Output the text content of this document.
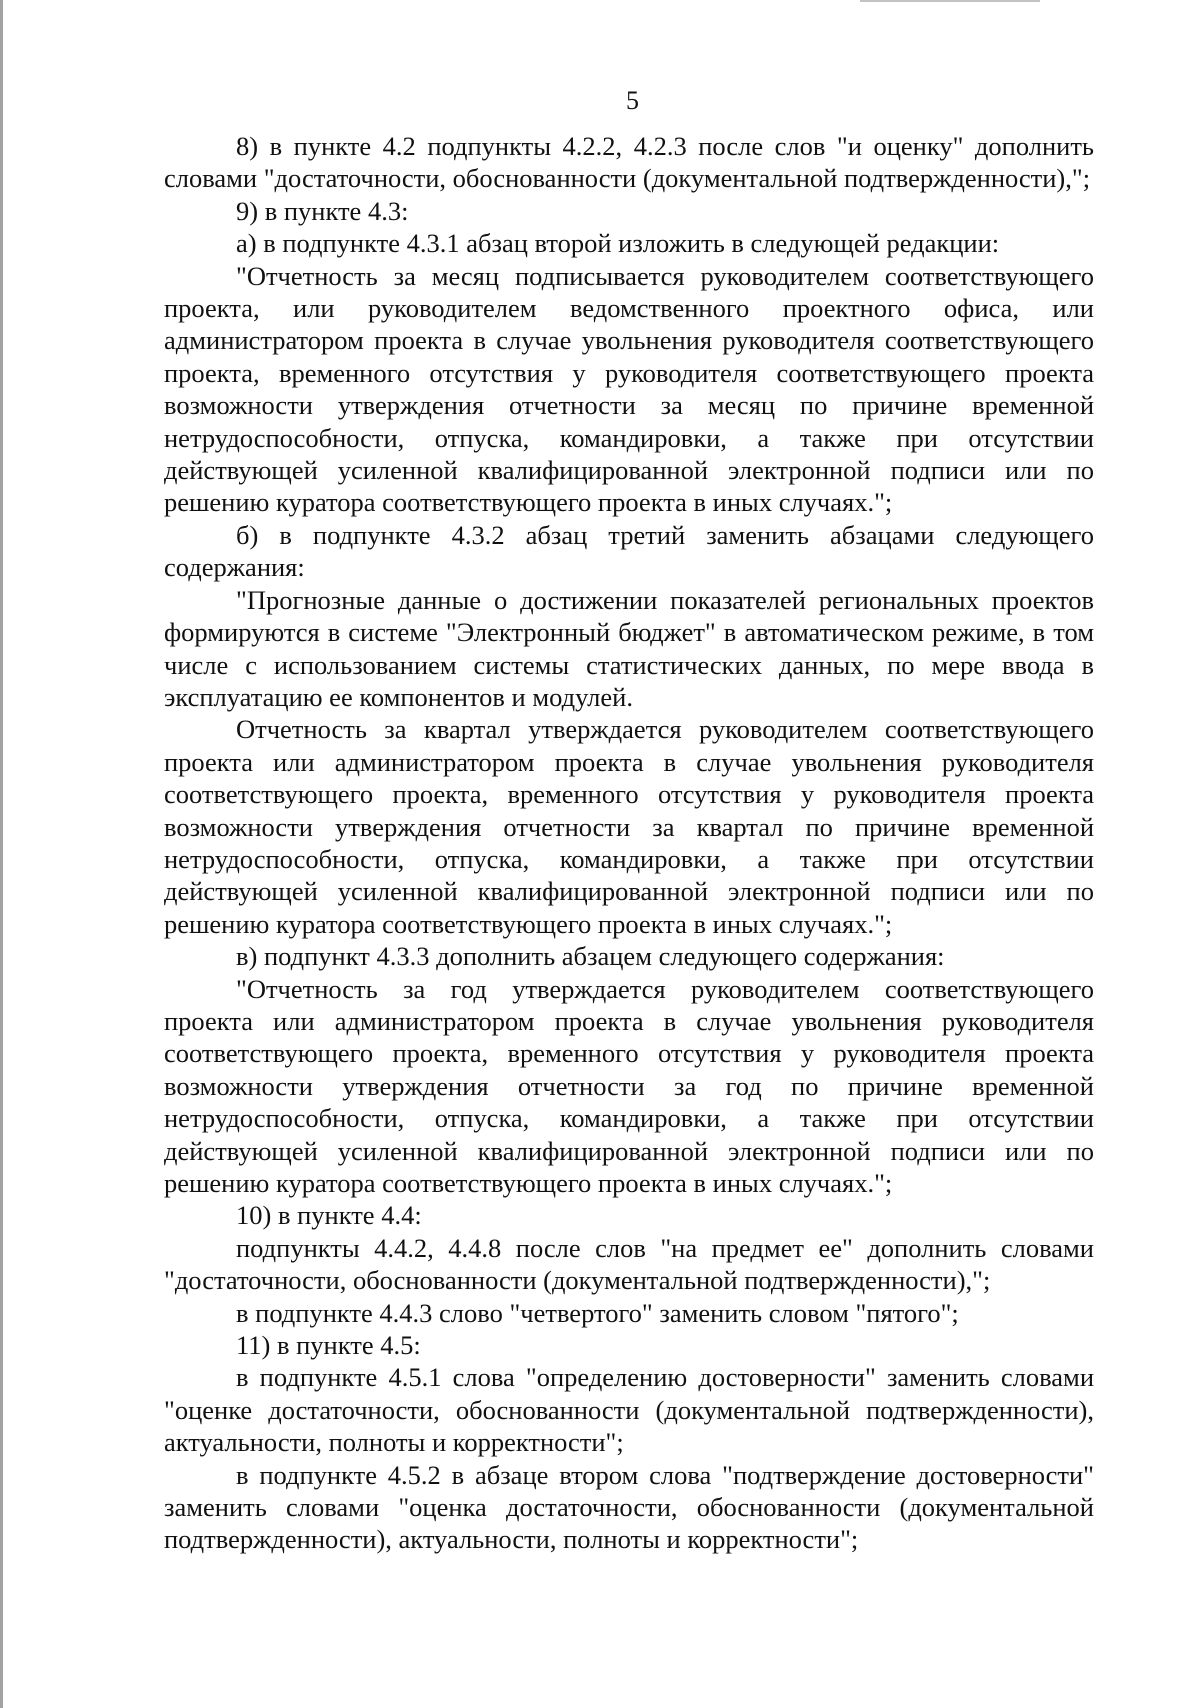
5

8) в пункте 4.2 подпункты 4.2.2, 4.2.3 после слов "и оценку" дополнить словами "достаточности, обоснованности (документальной подтвержденности),";

9) в пункте 4.3:

а) в подпункте 4.3.1 абзац второй изложить в следующей редакции:

"Отчетность за месяц подписывается руководителем соответствующего проекта, или руководителем ведомственного проектного офиса, или администратором проекта в случае увольнения руководителя соответствующего проекта, временного отсутствия у руководителя соответствующего проекта возможности утверждения отчетности за месяц по причине временной нетрудоспособности, отпуска, командировки, а также при отсутствии действующей усиленной квалифицированной электронной подписи или по решению куратора соответствующего проекта в иных случаях.";

б) в подпункте 4.3.2 абзац третий заменить абзацами следующего содержания:

"Прогнозные данные о достижении показателей региональных проектов формируются в системе "Электронный бюджет" в автоматическом режиме, в том числе с использованием системы статистических данных, по мере ввода в эксплуатацию ее компонентов и модулей.

Отчетность за квартал утверждается руководителем соответствующего проекта или администратором проекта в случае увольнения руководителя соответствующего проекта, временного отсутствия у руководителя проекта возможности утверждения отчетности за квартал по причине временной нетрудоспособности, отпуска, командировки, а также при отсутствии действующей усиленной квалифицированной электронной подписи или по решению куратора соответствующего проекта в иных случаях.";

в) подпункт 4.3.3 дополнить абзацем следующего содержания:

"Отчетность за год утверждается руководителем соответствующего проекта или администратором проекта в случае увольнения руководителя соответствующего проекта, временного отсутствия у руководителя проекта возможности утверждения отчетности за год по причине временной нетрудоспособности, отпуска, командировки, а также при отсутствии действующей усиленной квалифицированной электронной подписи или по решению куратора соответствующего проекта в иных случаях.";

10) в пункте 4.4:

подпункты 4.4.2, 4.4.8 после слов "на предмет ее" дополнить словами "достаточности, обоснованности (документальной подтвержденности),";

в подпункте 4.4.3 слово "четвертого" заменить словом "пятого";

11) в пункте 4.5:

в подпункте 4.5.1 слова "определению достоверности" заменить словами "оценке достаточности, обоснованности (документальной подтвержденности), актуальности, полноты и корректности";

в подпункте 4.5.2 в абзаце втором слова "подтверждение достоверности" заменить словами "оценка достаточности, обоснованности (документальной подтвержденности), актуальности, полноты и корректности";
